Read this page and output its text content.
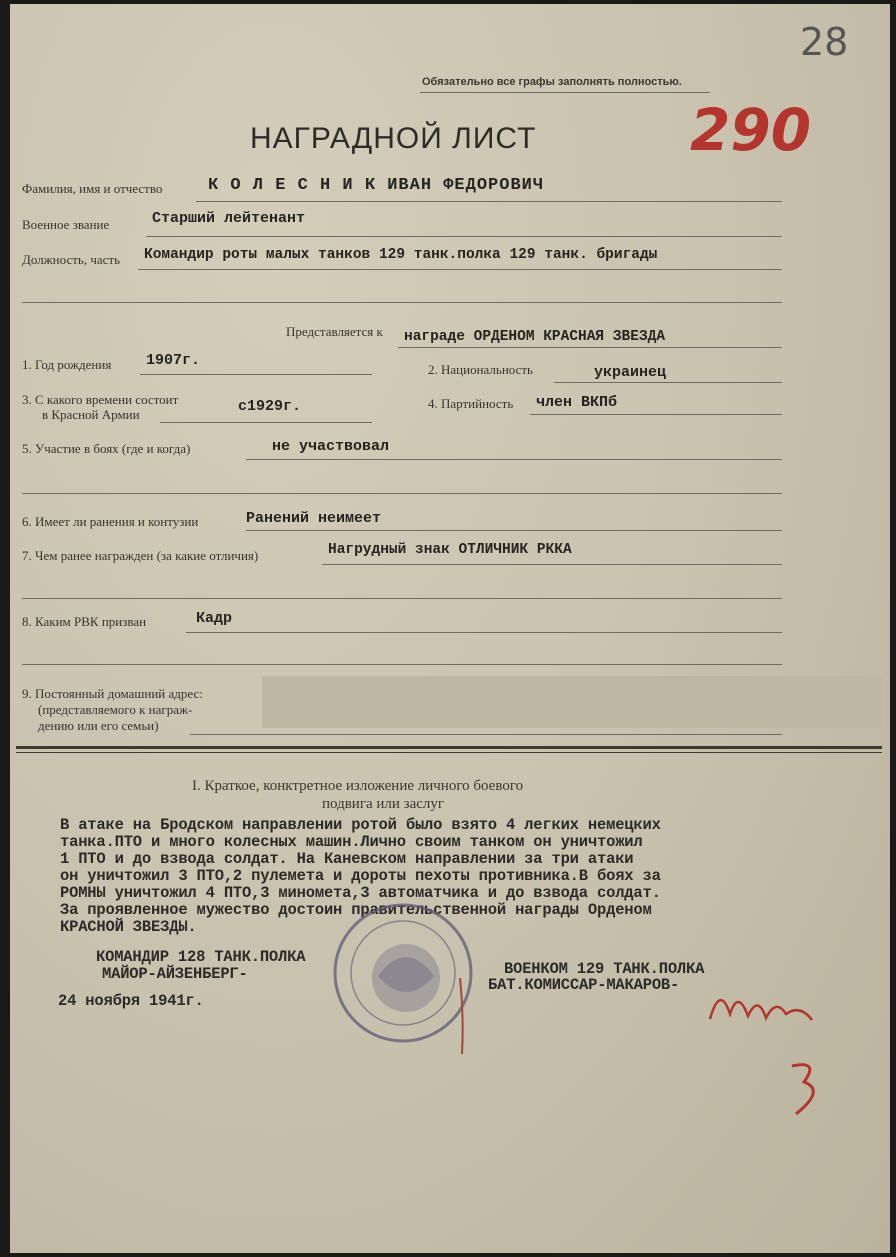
28
Обязательно все графы заполнять полностью.
290
НАГРАДНОЙ ЛИСТ
Фамилия, имя и отчество	К О Л Е С Н И К ИВАН ФЕДОРОВИЧ
Военное звание	Старший лейтенант
Должность, часть Командир роты малых танков 129 танк.полка 129 танк. бригады
Представляется к награде ОРДЕНОМ КРАСНАЯ ЗВЕЗДА
1. Год рождения 1907г.
2. Национальность	украинец
3. С какого времени состоит
в Красной Армии	с1929г.	4. Партийность член ВКПб
5. Участие в боях (где и когда)	не участвовал
6. Имеет ли ранения и контузии	Ранений неимеет
7. Чем ранее награжден (за какие отличия)	Нагрудный знак ОТЛИЧНИК РККА
8. Каким РВК призван	Кадр
9. Постоянный домашний адрес:
(представляемого к награж-
дению или его семьи)
I. Краткое, конктретное изложение личного боевого
подвига или заслуг
В атаке на Бродском направлении ротой было взято 4 легких немецких
танка.ПТО и много колесных машин.Лично своим танком он уничтожил
1 ПТО и до взвода солдат. На Каневском направлении за три атаки
он уничтожил 3 ПТО,2 пулемета и дороты пехоты противника.В боях за
РОМНЫ уничтожил 4 ПТО,3 миномета,3 автоматчика и до взвода солдат.
За проявленное мужество достоин правительственной награды Орденом
КРАСНОЙ ЗВЕЗДЫ.
КОМАНДИР 128 ТАНК.ПОЛКА
МАЙОР-АЙЗЕНБЕРГ-	ВОЕНКОМ 129 ТАНК.ПОЛКА
БАТ.КОМИССАР-МАКАРОВ-
24 ноября 1941г.
